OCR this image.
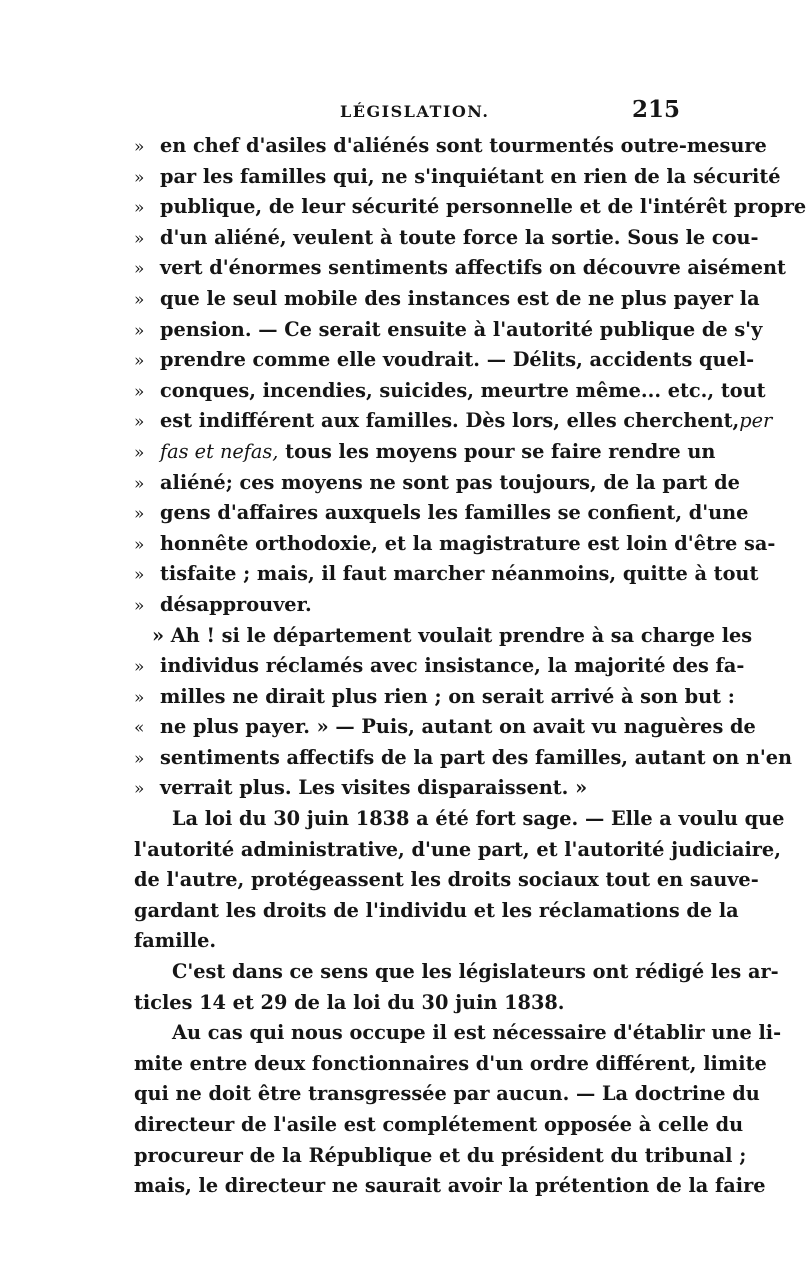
LÉGISLATION.	215
» en chef d'asiles d'aliénés sont tourmentés outre-mesure
» par les familles qui, ne s'inquiétant en rien de la sécurité
» publique, de leur sécurité personnelle et de l'intérêt propre
» d'un aliéné, veulent à toute force la sortie. Sous le cou-
» vert d'énormes sentiments affectifs on découvre aisément
» que le seul mobile des instances est de ne plus payer la
» pension. — Ce serait ensuite à l'autorité publique de s'y
» prendre comme elle voudrait. — Délits, accidents quel-
» conques, incendies, suicides, meurtre même... etc., tout
» est indifférent aux familles. Dès lors, elles cherchent,per
» fas et nefas, tous les moyens pour se faire rendre un
» aliéné; ces moyens ne sont pas toujours, de la part de
» gens d'affaires auxquels les familles se confient, d'une
» honnête orthodoxie, et la magistrature est loin d'être sa-
» tisfaite ; mais, il faut marcher néanmoins, quitte à tout
» désapprouver.
» Ah ! si le département voulait prendre à sa charge les
» individus réclamés avec insistance, la majorité des fa-
» milles ne dirait plus rien ; on serait arrivé à son but :
« ne plus payer. » — Puis, autant on avait vu naguères de
» sentiments affectifs de la part des familles, autant on n'en
» verrait plus. Les visites disparaissent. »
La loi du 30 juin 1838 a été fort sage. — Elle a voulu que
l'autorité administrative, d'une part, et l'autorité judiciaire,
de l'autre, protégeassent les droits sociaux tout en sauve-
gardant les droits de l'individu et les réclamations de la
famille.
C'est dans ce sens que les législateurs ont rédigé les ar-
ticles 14 et 29 de la loi du 30 juin 1838.
Au cas qui nous occupe il est nécessaire d'établir une li-
mite entre deux fonctionnaires d'un ordre différent, limite
qui ne doit être transgressée par aucun. — La doctrine du
directeur de l'asile est complétement opposée à celle du
procureur de la République et du président du tribunal ;
mais, le directeur ne saurait avoir la prétention de la faire
